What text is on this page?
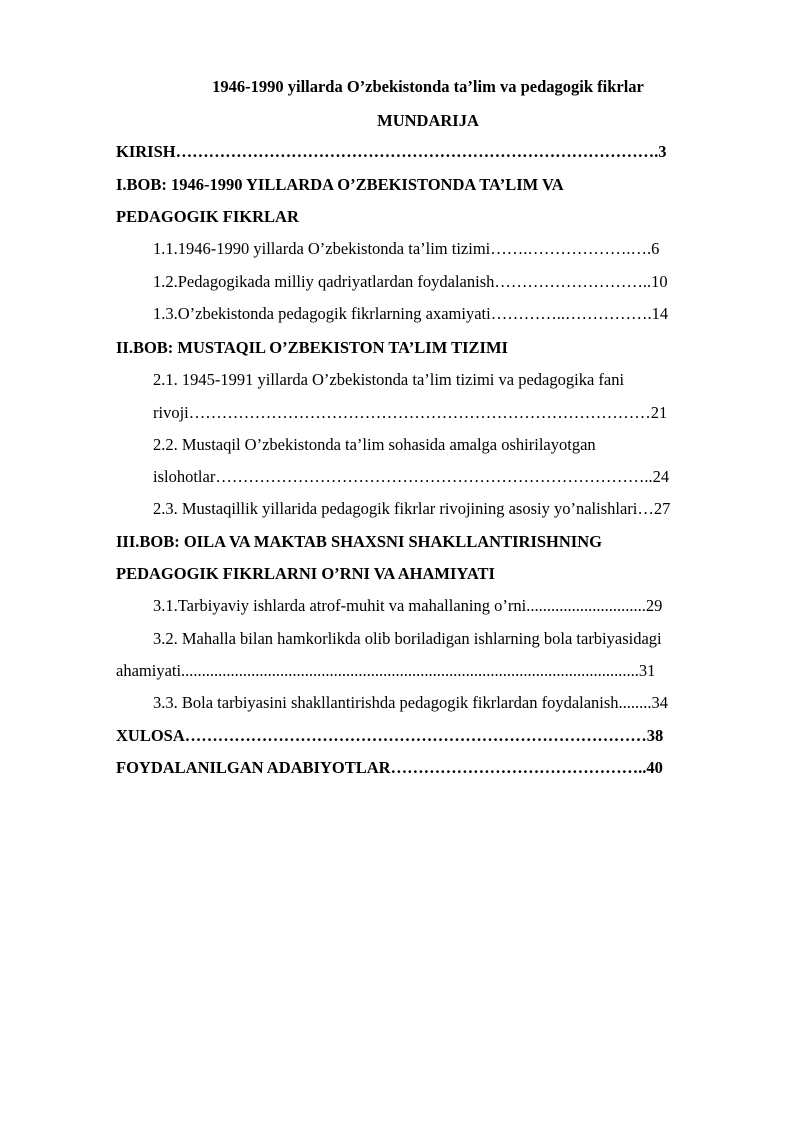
1946-1990 yillarda O’zbekistonda ta’lim va pedagogik fikrlar
MUNDARIJA
KIRISH…………………………………………………………………………….3
I.BOB: 1946-1990 YILLARDA O’ZBEKISTONDA TA’LIM VA
PEDAGOGIK FIKRLAR
1.1.1946-1990 yillarda O’zbekistonda ta’lim tizimi…….……………….….6
1.2.Pedagogikada milliy qadriyatlardan foydalanish………………………..10
1.3.O’zbekistonda pedagogik fikrlarning axamiyati…………..…………….14
II.BOB: MUSTAQIL O’ZBEKISTON TA’LIM TIZIMI
2.1. 1945-1991 yillarda O’zbekistonda ta’lim tizimi va pedagogika fani
rivoji…………………………………………………………………………21
2.2. Mustaqil O’zbekistonda ta’lim sohasida amalga oshirilayotgan
islohotlar……………………………………………………………………..24
2.3. Mustaqillik yillarida pedagogik fikrlar rivojining asosiy yo’nalishlari…27
III.BOB: OILA VA MAKTAB SHAXSNI SHAKLLANTIRISHNING
PEDAGOGIK FIKRLARNI O’RNI VA AHAMIYATI
3.1.Tarbiyaviy ishlarda atrof-muhit va mahallaning o’rni.............................29
3.2. Mahalla bilan hamkorlikda olib boriladigan ishlarning bola tarbiyasidagi
ahamiyati...............................................................................................................31
3.3. Bola tarbiyasini shakllantirishda pedagogik fikrlardan foydalanish........34
XULOSA…………………………………………………………………………38
FOYDALANILGAN ADABIYOTLAR………………………………………..40
